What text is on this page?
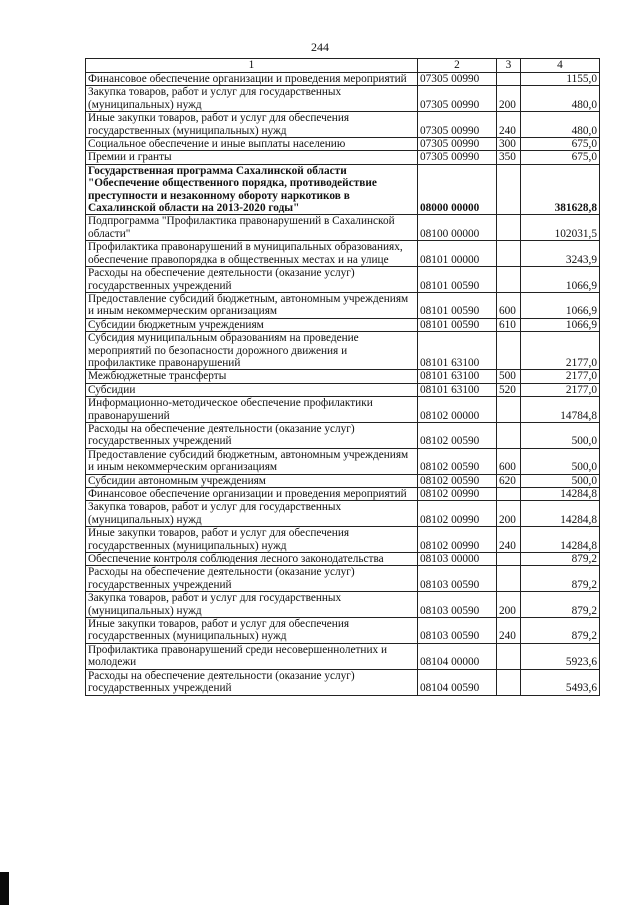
244
1	2	3	4
Финансовое обеспечение организации и проведения мероприятий	07305 00990		1155,0
Закупка товаров, работ и услуг для государственных (муниципальных) нужд	07305 00990	200	480,0
Иные закупки товаров, работ и услуг для обеспечения государственных (муниципальных) нужд	07305 00990	240	480,0
Социальное обеспечение и иные выплаты населению	07305 00990	300	675,0
Премии и гранты	07305 00990	350	675,0
Государственная программа Сахалинской области "Обеспечение общественного порядка, противодействие преступности и незаконному обороту наркотиков в Сахалинской области на 2013-2020 годы"	08000 00000		381628,8
Подпрограмма "Профилактика правонарушений в Сахалинской области"	08100 00000		102031,5
Профилактика правонарушений в муниципальных образованиях, обеспечение правопорядка в общественных местах и на улице	08101 00000		3243,9
Расходы на обеспечение деятельности (оказание услуг) государственных учреждений	08101 00590		1066,9
Предоставление субсидий бюджетным, автономным учреждениям и иным некоммерческим организациям	08101 00590	600	1066,9
Субсидии бюджетным учреждениям	08101 00590	610	1066,9
Субсидия муниципальным образованиям на проведение мероприятий по безопасности дорожного движения и профилактике правонарушений	08101 63100		2177,0
Межбюджетные трансферты	08101 63100	500	2177,0
Субсидии	08101 63100	520	2177,0
Информационно-методическое обеспечение профилактики правонарушений	08102 00000		14784,8
Расходы на обеспечение деятельности (оказание услуг) государственных учреждений	08102 00590		500,0
Предоставление субсидий бюджетным, автономным учреждениям и иным некоммерческим организациям	08102 00590	600	500,0
Субсидии автономным учреждениям	08102 00590	620	500,0
Финансовое обеспечение организации и проведения мероприятий	08102 00990		14284,8
Закупка товаров, работ и услуг для государственных (муниципальных) нужд	08102 00990	200	14284,8
Иные закупки товаров, работ и услуг для обеспечения государственных (муниципальных) нужд	08102 00990	240	14284,8
Обеспечение контроля соблюдения лесного законодательства	08103 00000		879,2
Расходы на обеспечение деятельности (оказание услуг) государственных учреждений	08103 00590		879,2
Закупка товаров, работ и услуг для государственных (муниципальных) нужд	08103 00590	200	879,2
Иные закупки товаров, работ и услуг для обеспечения государственных (муниципальных) нужд	08103 00590	240	879,2
Профилактика правонарушений среди несовершеннолетних и молодежи	08104 00000		5923,6
Расходы на обеспечение деятельности (оказание услуг) государственных учреждений	08104 00590		5493,6
